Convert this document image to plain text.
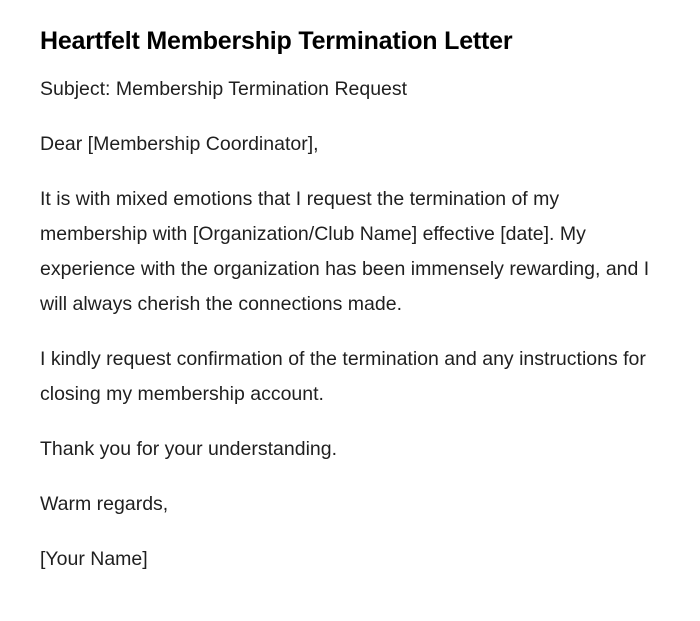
Heartfelt Membership Termination Letter

Subject: Membership Termination Request

Dear [Membership Coordinator],

It is with mixed emotions that I request the termination of my membership with [Organization/Club Name] effective [date]. My experience with the organization has been immensely rewarding, and I will always cherish the connections made.

I kindly request confirmation of the termination and any instructions for closing my membership account.

Thank you for your understanding.

Warm regards,

[Your Name]
